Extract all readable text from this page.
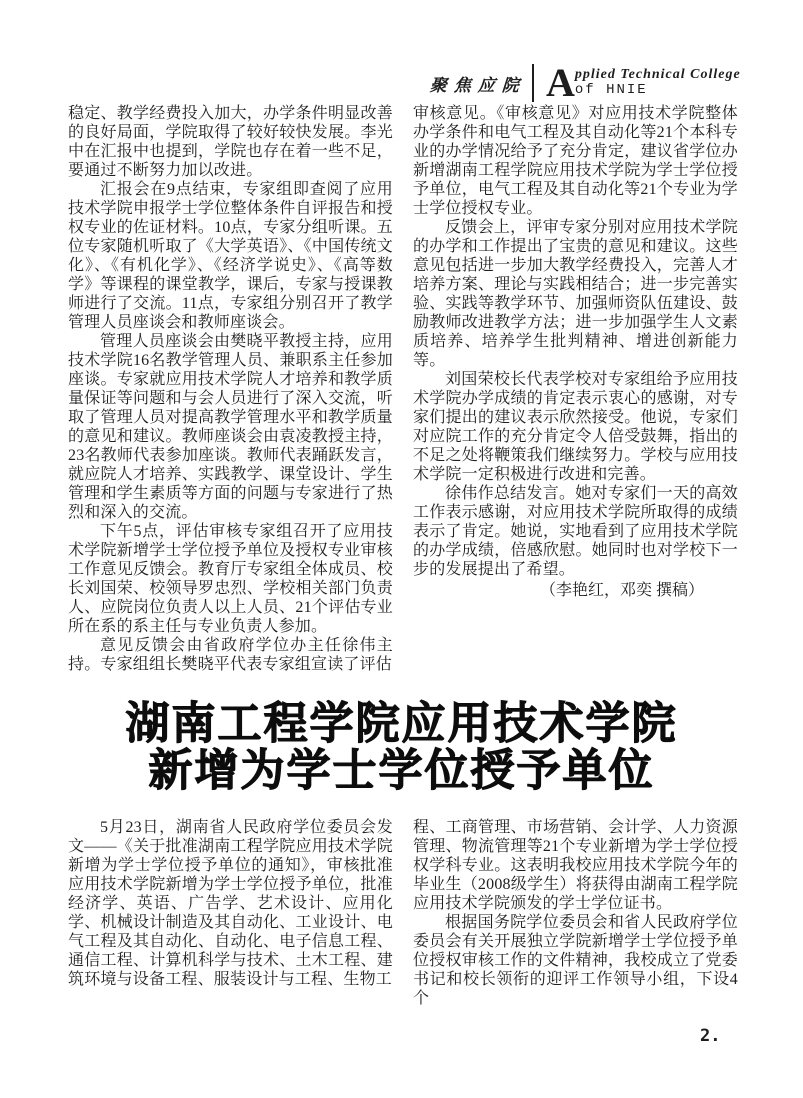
聚焦应院 A pplied Technical College
of HNIE

稳定、教学经费投入加大，办学条件明显改善的良好局面，学院取得了较好较快发展。李光中在汇报中也提到，学院也存在着一些不足，要通过不断努力加以改进。

汇报会在9点结束，专家组即查阅了应用技术学院申报学士学位整体条件自评报告和授权专业的佐证材料。10点，专家分组听课。五位专家随机听取了《大学英语》、《中国传统文化》、《有机化学》、《经济学说史》、《高等数学》等课程的课堂教学，课后，专家与授课教师进行了交流。11点，专家组分别召开了教学管理人员座谈会和教师座谈会。

管理人员座谈会由樊晓平教授主持，应用技术学院16名教学管理人员、兼职系主任参加座谈。专家就应用技术学院人才培养和教学质量保证等问题和与会人员进行了深入交流，听取了管理人员对提高教学管理水平和教学质量的意见和建议。教师座谈会由袁凌教授主持，23名教师代表参加座谈。教师代表踊跃发言，就应院人才培养、实践教学、课堂设计、学生管理和学生素质等方面的问题与专家进行了热烈和深入的交流。

下午5点，评估审核专家组召开了应用技术学院新增学士学位授予单位及授权专业审核工作意见反馈会。教育厅专家组全体成员、校长刘国荣、校领导罗忠烈、学校相关部门负责人、应院岗位负责人以上人员、21个评估专业所在系的系主任与专业负责人参加。

意见反馈会由省政府学位办主任徐伟主持。专家组组长樊晓平代表专家组宣读了评估

审核意见。《审核意见》对应用技术学院整体办学条件和电气工程及其自动化等21个本科专业的办学情况给予了充分肯定，建议省学位办新增湖南工程学院应用技术学院为学士学位授予单位，电气工程及其自动化等21个专业为学士学位授权专业。

反馈会上，评审专家分别对应用技术学院的办学和工作提出了宝贵的意见和建议。这些意见包括进一步加大教学经费投入，完善人才培养方案、理论与实践相结合；进一步完善实验、实践等教学环节、加强师资队伍建设、鼓励教师改进教学方法；进一步加强学生人文素质培养、培养学生批判精神、增进创新能力等。

刘国荣校长代表学校对专家组给予应用技术学院办学成绩的肯定表示衷心的感谢，对专家们提出的建议表示欣然接受。他说，专家们对应院工作的充分肯定令人倍受鼓舞，指出的不足之处将鞭策我们继续努力。学校与应用技术学院一定积极进行改进和完善。

徐伟作总结发言。她对专家们一天的高效工作表示感谢，对应用技术学院所取得的成绩表示了肯定。她说，实地看到了应用技术学院的办学成绩，倍感欣慰。她同时也对学校下一步的发展提出了希望。

（李艳红，邓奕 撰稿）

湖南工程学院应用技术学院
新增为学士学位授予单位

5月23日，湖南省人民政府学位委员会发文——《关于批准湖南工程学院应用技术学院新增为学士学位授予单位的通知》，审核批准应用技术学院新增为学士学位授予单位，批准经济学、英语、广告学、艺术设计、应用化学、机械设计制造及其自动化、工业设计、电气工程及其自动化、自动化、电子信息工程、通信工程、计算机科学与技术、土木工程、建筑环境与设备工程、服装设计与工程、生物工

程、工商管理、市场营销、会计学、人力资源管理、物流管理等21个专业新增为学士学位授权学科专业。这表明我校应用技术学院今年的毕业生（2008级学生）将获得由湖南工程学院应用技术学院颁发的学士学位证书。

根据国务院学位委员会和省人民政府学位委员会有关开展独立学院新增学士学位授予单位授权审核工作的文件精神，我校成立了党委书记和校长领衔的迎评工作领导小组，下设4个

2.
